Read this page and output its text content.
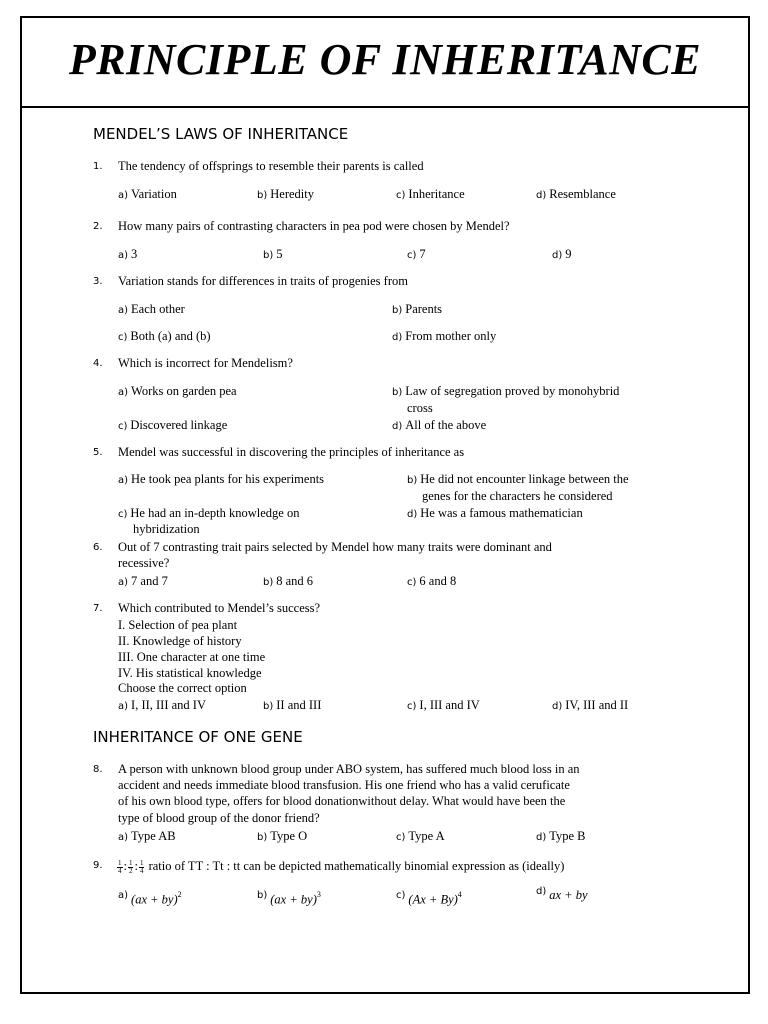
PRINCIPLE OF INHERITANCE
MENDEL’S LAWS OF INHERITANCE
1. The tendency of offsprings to resemble their parents is called
a) Variation	b) Heredity	c) Inheritance	d) Resemblance
2. How many pairs of contrasting characters in pea pod were chosen by Mendel?
a) 3	b) 5	c) 7	d) 9
3. Variation stands for differences in traits of progenies from
a) Each other	b) Parents
c) Both (a) and (b)	d) From mother only
4. Which is incorrect for Mendelism?
a) Works on garden pea	b) Law of segregation proved by monohybrid
cross
c) Discovered linkage	d) All of the above
5. Mendel was successful in discovering the principles of inheritance as
a) He took pea plants for his experiments	b) He did not encounter linkage between the
genes for the characters he considered
c) He had an in-depth knowledge on
hybridization
d) He was a famous mathematician
6. Out of 7 contrasting trait pairs selected by Mendel how many traits were dominant and
recessive?
a) 7 and 7	b) 8 and 6	c) 6 and 8
7. Which contributed to Mendel’s success?
I. Selection of pea plant
II. Knowledge of history
III. One character at one time
IV. His statistical knowledge
Choose the correct option
a) I, II, III and IV	b) II and III	c) I, III and IV	d) IV, III and II
INHERITANCE OF ONE GENE
8. A person with unknown blood group under ABO system, has suffered much blood loss in an
accident and needs immediate blood transfusion. His one friend who has a valid ceruficate
of his own blood type, offers for blood donationwithout delay. What would have been the
type of blood group of the donor friend?
a) Type AB	b) Type O	c) Type A	d) Type B
9. $\frac{1}{4}$ : $\frac{1}{2}$ : $\frac{1}{4}$ ratio of TT : Tt : tt can be depicted mathematically binomial expression as (ideally)
$^{a)}$ (ax + by)$^2$	$^{b)}$ (ax + by)$^3$	$^{c)}$ $(Ax + By)^4$	$^{d)}$ ax + by
